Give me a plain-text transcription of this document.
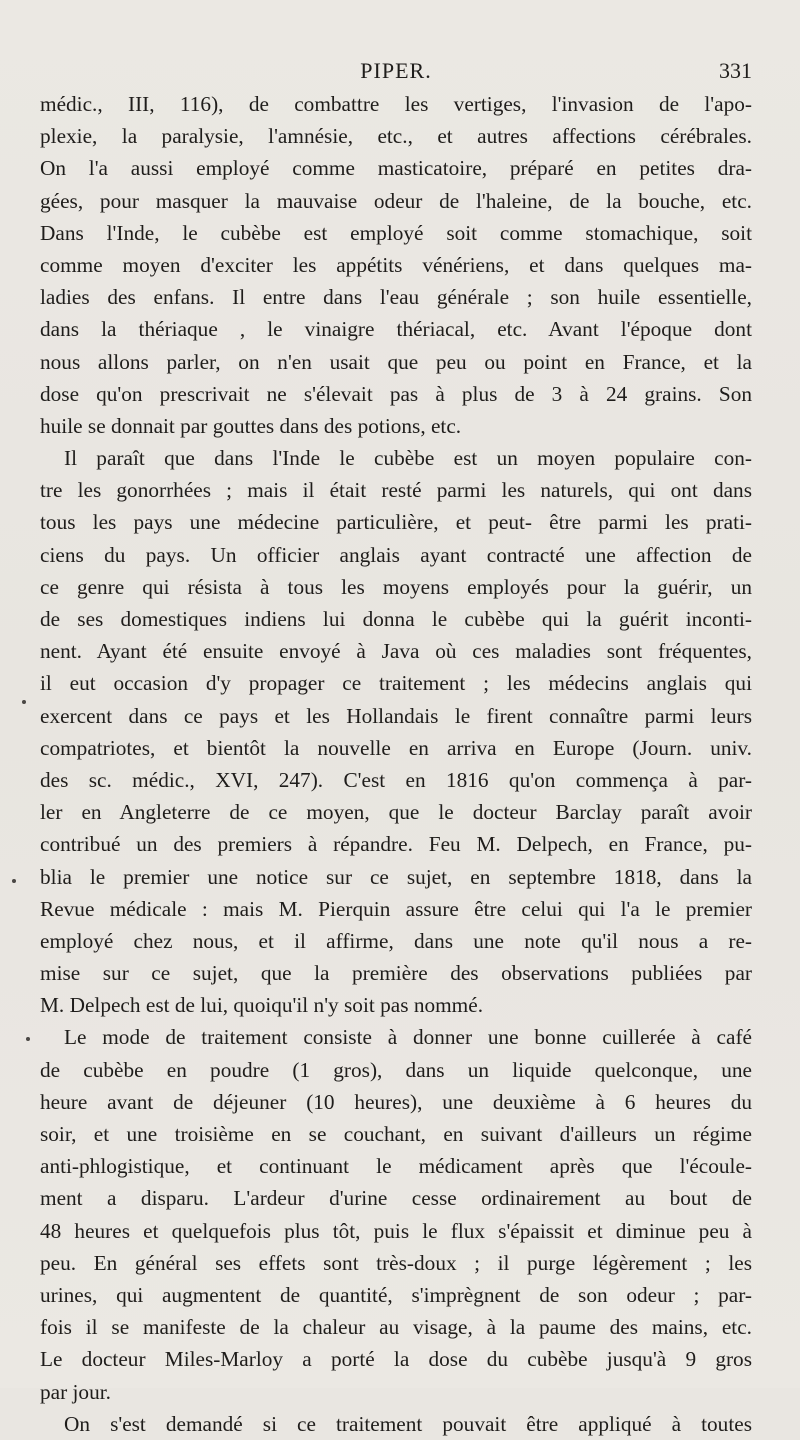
PIPER.	331
médic., III, 116), de combattre les vertiges, l'invasion de l'apo-
plexie, la paralysie, l'amnésie, etc., et autres affections cérébrales.
On l'a aussi employé comme masticatoire, préparé en petites dra-
gées, pour masquer la mauvaise odeur de l'haleine, de la bouche, etc.
Dans l'Inde, le cubèbe est employé soit comme stomachique, soit
comme moyen d'exciter les appétits vénériens, et dans quelques ma-
ladies des enfans. Il entre dans l'eau générale ; son huile essentielle,
dans la thériaque , le vinaigre thériacal, etc. Avant l'époque dont
nous allons parler, on n'en usait que peu ou point en France, et la
dose qu'on prescrivait ne s'élevait pas à plus de 3 à 24 grains. Son
huile se donnait par gouttes dans des potions, etc.
Il paraît que dans l'Inde le cubèbe est un moyen populaire con-
tre les gonorrhées ; mais il était resté parmi les naturels, qui ont dans
tous les pays une médecine particulière, et peut- être parmi les prati-
ciens du pays. Un officier anglais ayant contracté une affection de
ce genre qui résista à tous les moyens employés pour la guérir, un
de ses domestiques indiens lui donna le cubèbe qui la guérit inconti-
nent. Ayant été ensuite envoyé à Java où ces maladies sont fréquentes,
il eut occasion d'y propager ce traitement ; les médecins anglais qui
exercent dans ce pays et les Hollandais le firent connaître parmi leurs
compatriotes, et bientôt la nouvelle en arriva en Europe (Journ. univ.
des sc. médic., XVI, 247). C'est en 1816 qu'on commença à par-
ler en Angleterre de ce moyen, que le docteur Barclay paraît avoir
contribué un des premiers à répandre. Feu M. Delpech, en France, pu-
blia le premier une notice sur ce sujet, en septembre 1818, dans la
Revue médicale : mais M. Pierquin assure être celui qui l'a le premier
employé chez nous, et il affirme, dans une note qu'il nous a re-
mise sur ce sujet, que la première des observations publiées par
M. Delpech est de lui, quoiqu'il n'y soit pas nommé.
Le mode de traitement consiste à donner une bonne cuillerée à café
de cubèbe en poudre (1 gros), dans un liquide quelconque, une
heure avant de déjeuner (10 heures), une deuxième à 6 heures du
soir, et une troisième en se couchant, en suivant d'ailleurs un régime
anti-phlogistique, et continuant le médicament après que l'écoule-
ment a disparu. L'ardeur d'urine cesse ordinairement au bout de
48 heures et quelquefois plus tôt, puis le flux s'épaissit et diminue peu à
peu. En général ses effets sont très-doux ; il purge légèrement ; les
urines, qui augmentent de quantité, s'imprègnent de son odeur ; par-
fois il se manifeste de la chaleur au visage, à la paume des mains, etc.
Le docteur Miles-Marloy a porté la dose du cubèbe jusqu'à 9 gros
par jour.
On s'est demandé si ce traitement pouvait être appliqué à toutes
